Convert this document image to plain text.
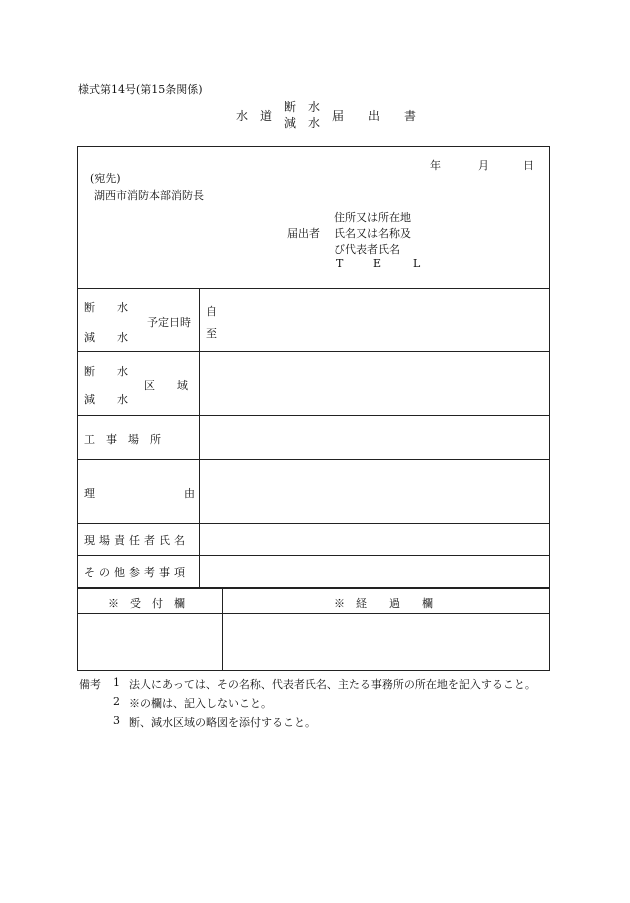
様式第14号(第15条関係)
水　道
断　水
減　水 届　　出　　書
年	月	日
(宛先)
湖西市消防本部消防長
届出者
住所又は所在地
氏名又は名称及
び代表者氏名
T	E	L
断　　水
減　　水
予定日時
自
至
断　　水
減　　水
区　　域
工　事　場　所
理	由
現場責任者氏名
その他参考事項
※　受　付　欄	※　経　　過　　欄
備考 1 法人にあっては、その名称、代表者氏名、主たる事務所の所在地を記入すること。
2 ※の欄は、記入しないこと。
3 断、減水区域の略図を添付すること。
